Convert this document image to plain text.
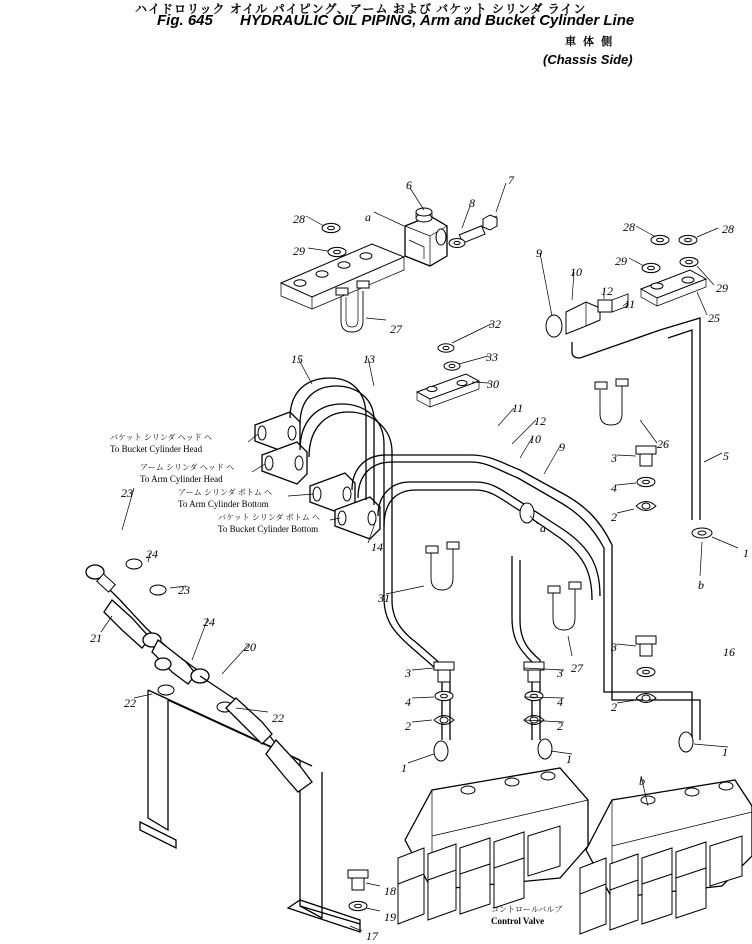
ハイドロリック オイル パイピング、アーム および バケット シリンダ ライン
Fig. 645 HYDRAULIC OIL PIPING, Arm and Bucket Cylinder Line
車 体 側
(Chassis Side)
6	7
8
28
29
28	28
29
29
25
9
10
12
11
27	32
33
30
15	13
11
12
10
9	26
3	5
4
2
1
23
14
24
23
24
31
27
20
21
22
22
3	3
3	16
4	4
2	2
2
1
1	1
18
19
17
a
a
b
b
バケット シリンダ ヘッド ヘ
To Bucket Cylinder Head
アーム シリンダ ヘッド ヘ
To Arm Cylinder Head
アーム シリンダ ボトム ヘ
To Arm Cylinder Bottom
バケット シリンダ ボトム ヘ
To Bucket Cylinder Bottom
コントロールバルブ
Control Valve
